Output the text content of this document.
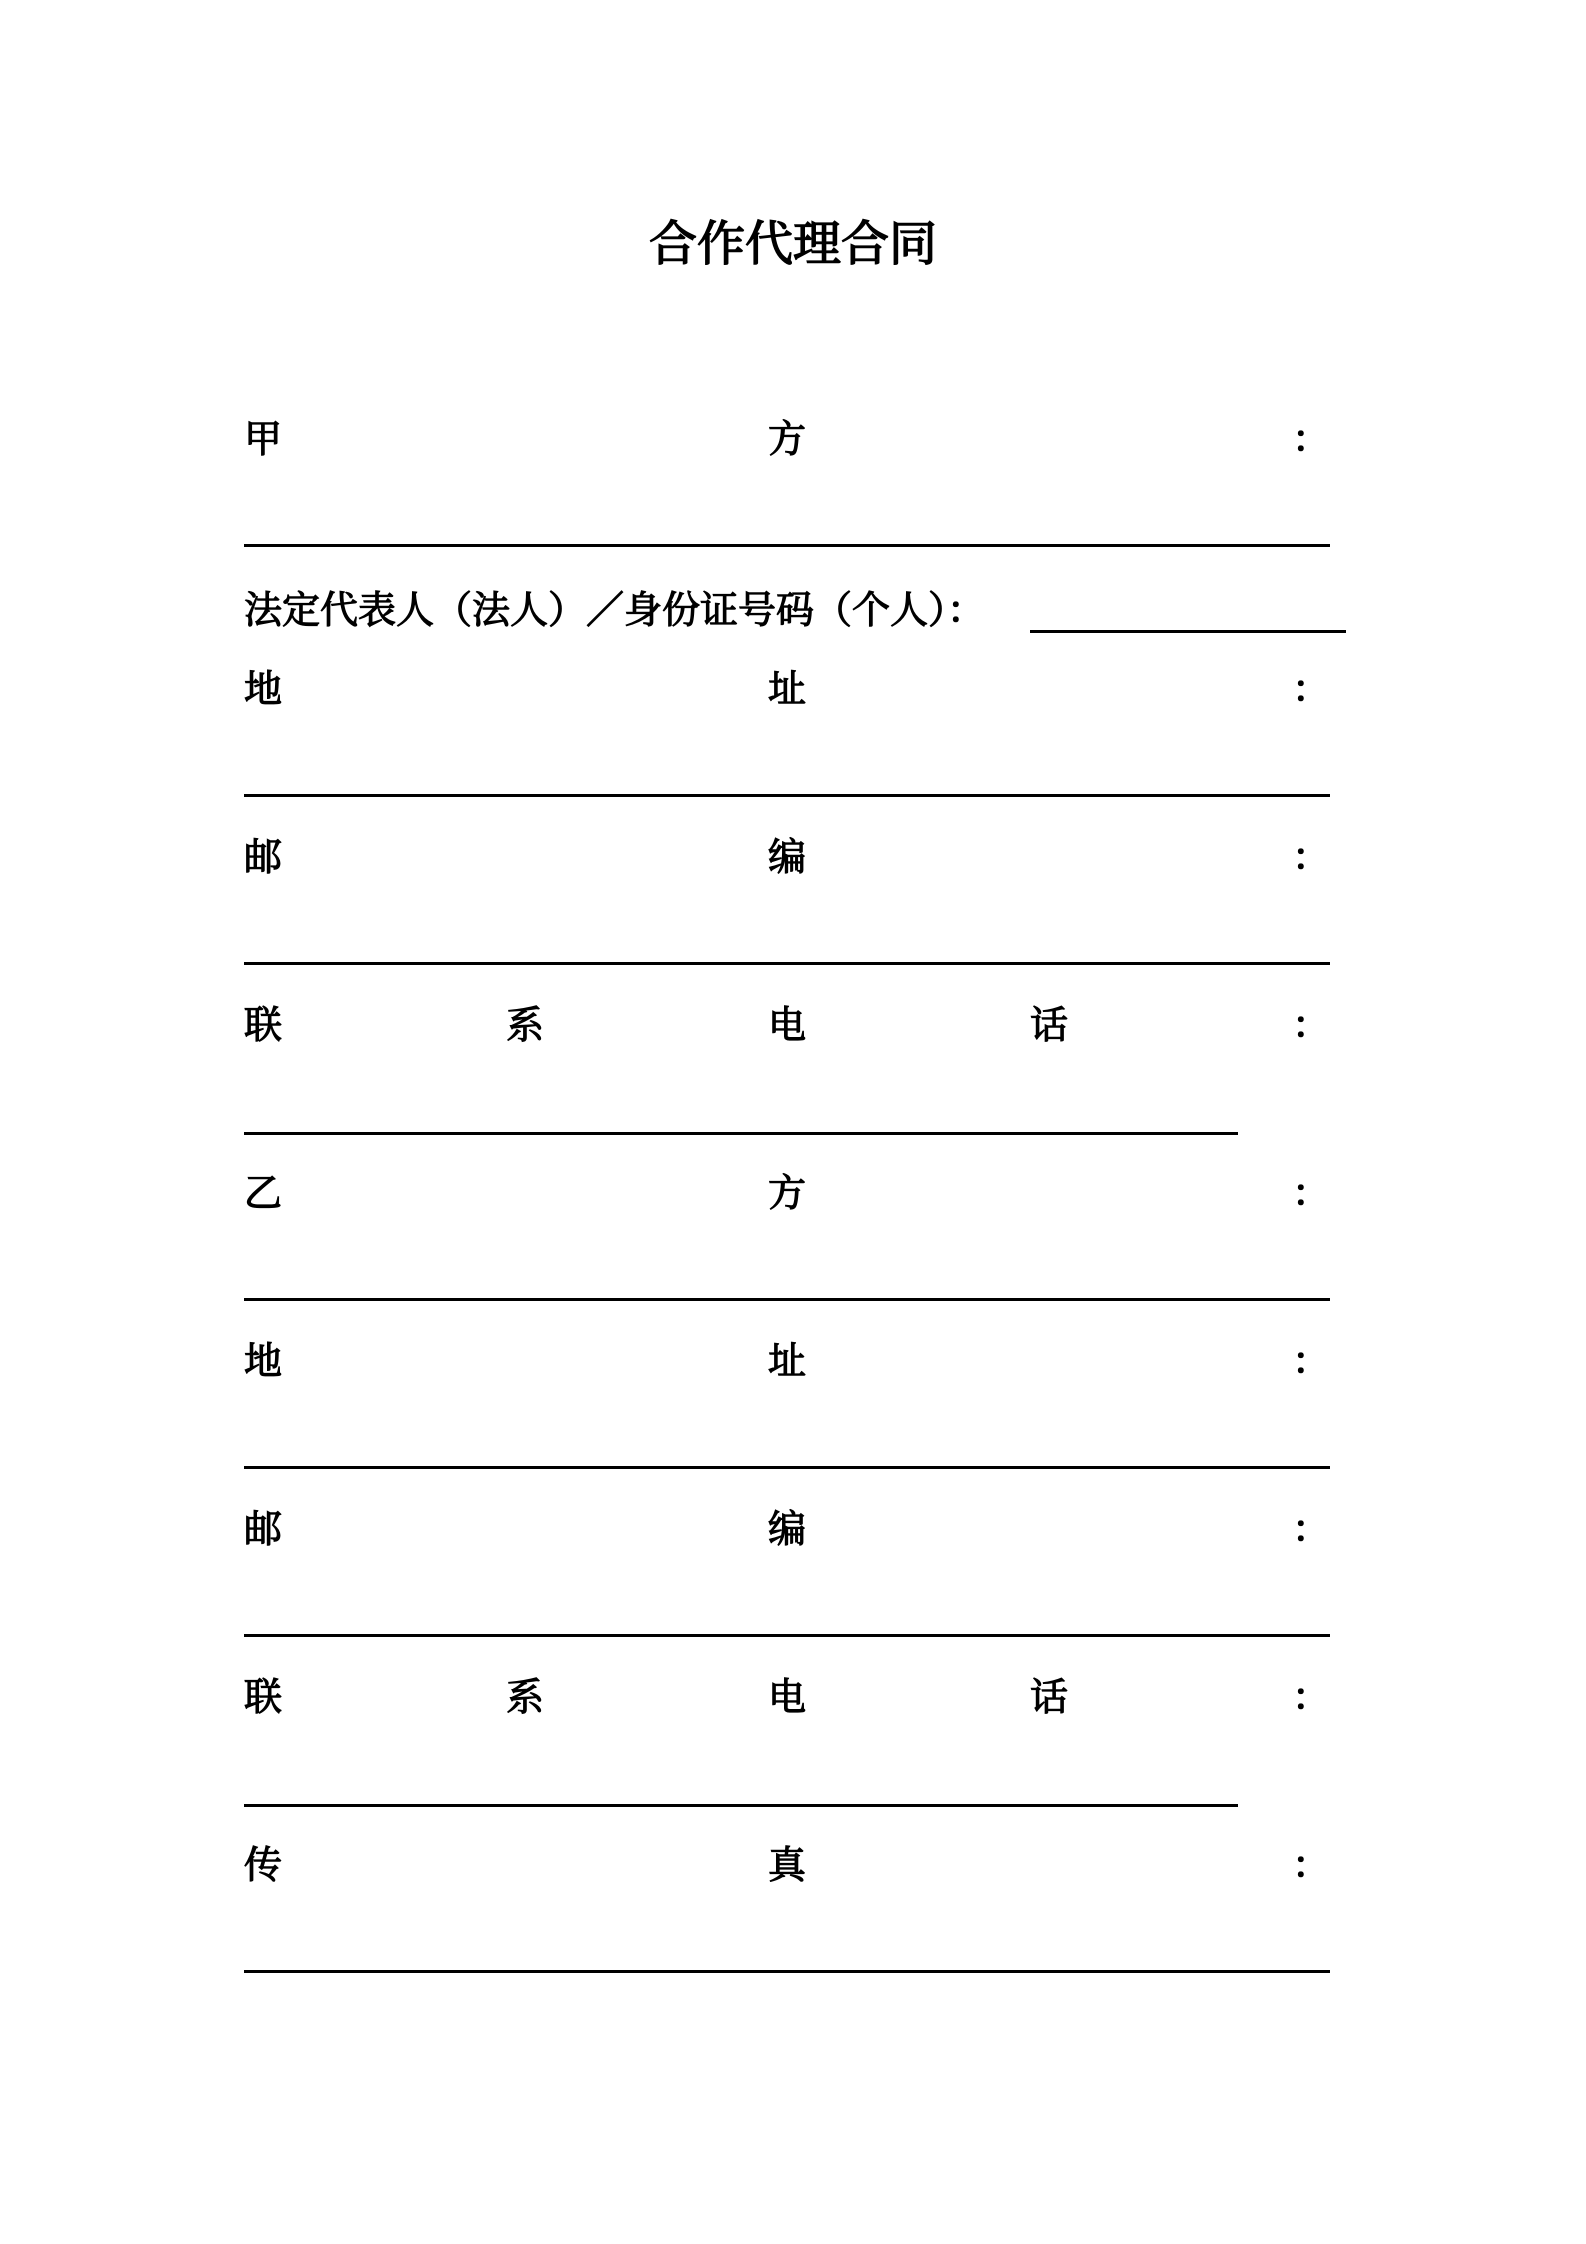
合作代理合同
甲	方	：
法定代表人（法人）／身份证号码（个人）：
地	址	：
邮	编	：
联	系	电	话	：
乙	方	：
地	址	：
邮	编	：
联	系	电	话	：
传	真	：
